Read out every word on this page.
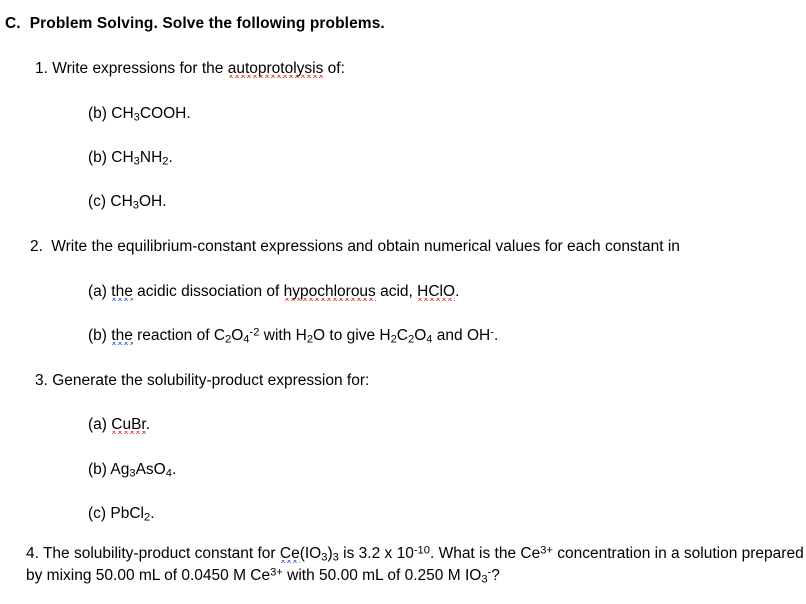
C. Problem Solving. Solve the following problems.
1. Write expressions for the autoprotolysis of:
(b) $CH_3COOH$.
(b) $CH_3NH_2$.
(c) $CH_3OH$.
2. Write the equilibrium-constant expressions and obtain numerical values for each constant in
(a) the acidic dissociation of hypochlorous acid, HClO.
(b) the reaction of $C_2O_4^{-2}$ with $H_2O$ to give $H_2C_2O_4$ and OH-.
3. Generate the solubility-product expression for:
(a) CuBr.
(b) $Ag_3AsO_4$.
(c) PbCl$_2$.
4. The solubility-product constant for $Ce(IO_3)_3$ is 3.2 x $10^{-10}$. What is the $Ce^{3+}$ concentration in a solution prepared by mixing 50.00 mL of 0.0450 M $Ce^{3+}$ with 50.00 mL of 0.250 M $IO_3^-$?
